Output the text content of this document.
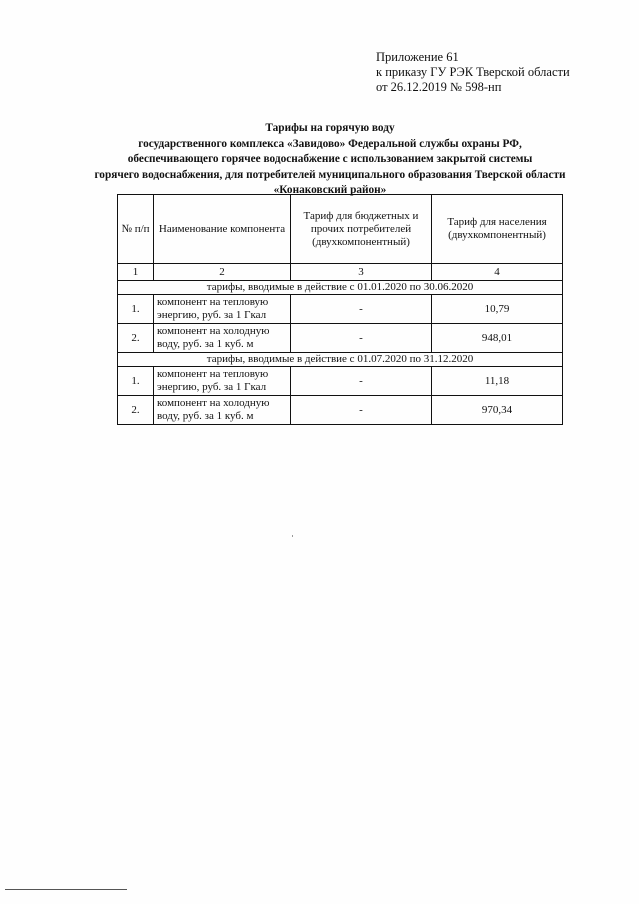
Приложение 61
к приказу ГУ РЭК Тверской области
от 26.12.2019 № 598-нп
Тарифы на горячую воду
государственного комплекса «Завидово» Федеральной службы охраны РФ,
обеспечивающего горячее водоснабжение с использованием закрытой системы
горячего водоснабжения, для потребителей муниципального образования Тверской области
«Конаковский район»
№ п/п	Наименование компонента	Тариф для бюджетных и прочих потребителей (двухкомпонентный)	Тариф для населения (двухкомпонентный)
1	2	3	4
тарифы, вводимые в действие с 01.01.2020 по 30.06.2020			
1.	компонент на тепловую энергию, руб. за 1 Гкал	-	10,79
2.	компонент на холодную воду, руб. за 1 куб. м	-	948,01
тарифы, вводимые в действие с 01.07.2020 по 31.12.2020			
1.	компонент на тепловую энергию, руб. за 1 Гкал	-	11,18
2.	компонент на холодную воду, руб. за 1 куб. м	-	970,34
